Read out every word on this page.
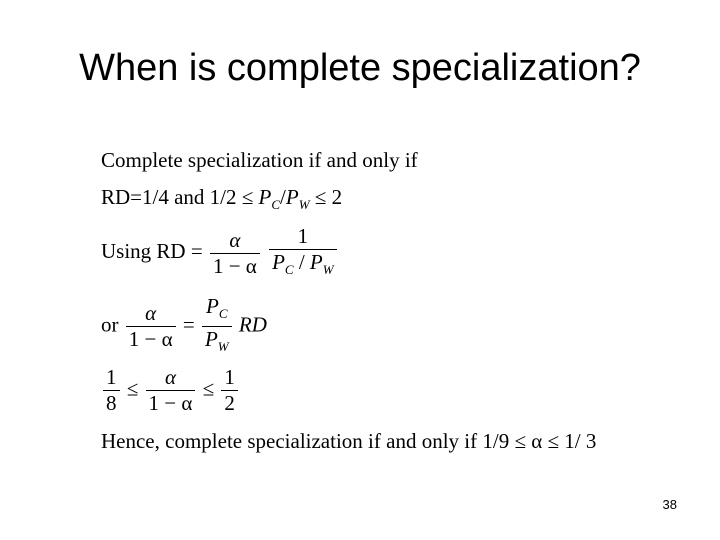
When is complete specialization?
Complete specialization if and only if
RD=1/4 and $1/2 \le P_C/P_W \le 2$
Using RD = $\frac{\alpha}{1 - \alpha}$
$\frac{1}{P_C / P_W}$
or $\frac{\alpha}{1 - \alpha} = \frac{P_C}{P_W}$ RD
$\frac{1}{8} \le \frac{\alpha}{1 - \alpha} \le \frac{1}{2}$
Hence, complete specialization if and only if 1/9 ≤ α ≤ 1/ 3
38
